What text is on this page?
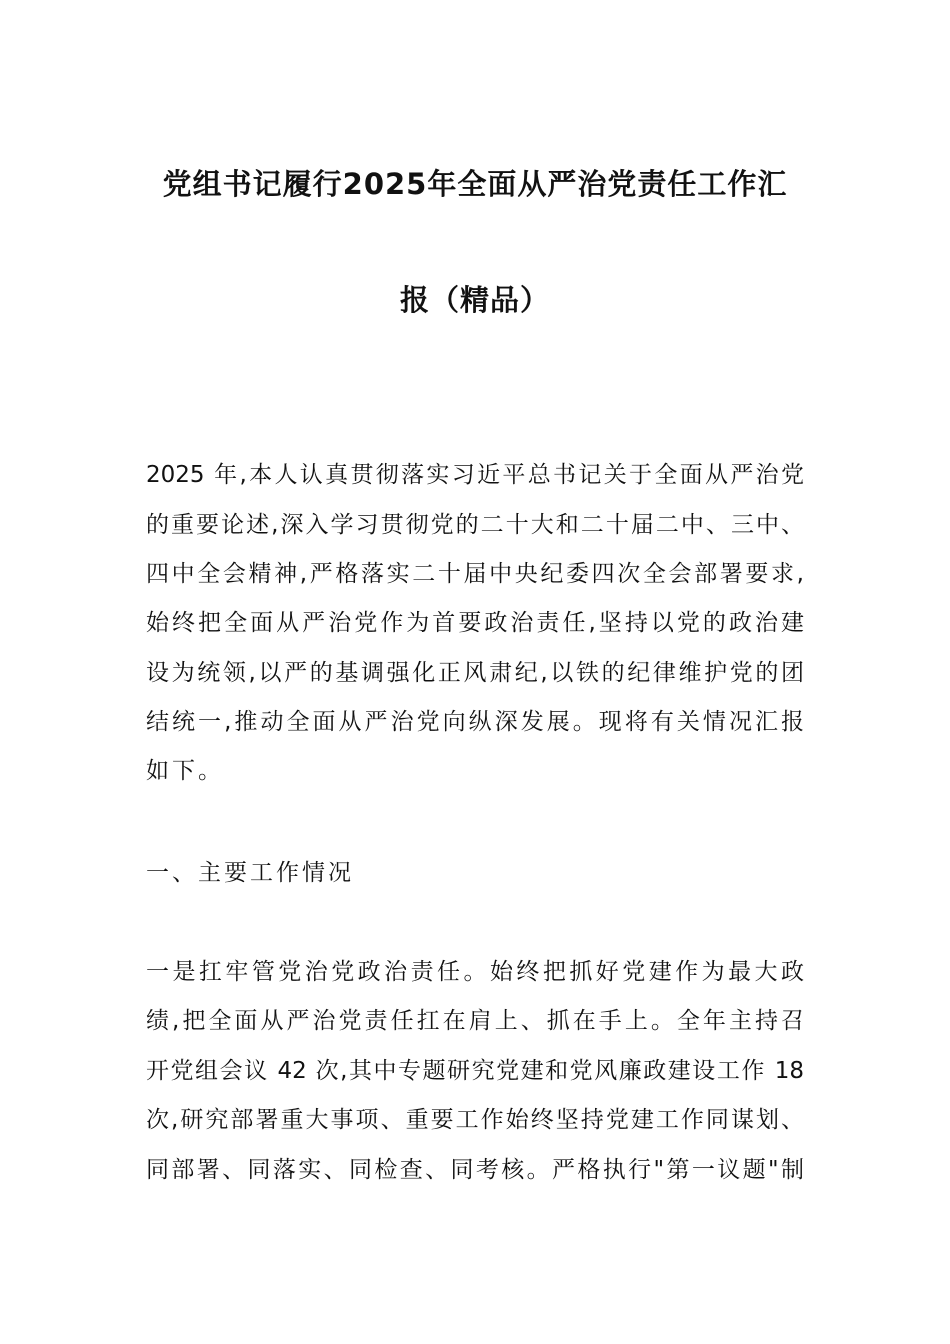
党组书记履行2025年全面从严治党责任工作汇
报（精品）
2025 年,本人认真贯彻落实习近平总书记关于全面从严治党
的重要论述,深入学习贯彻党的二十大和二十届二中、三中、
四中全会精神,严格落实二十届中央纪委四次全会部署要求,
始终把全面从严治党作为首要政治责任,坚持以党的政治建
设为统领,以严的基调强化正风肃纪,以铁的纪律维护党的团
结统一,推动全面从严治党向纵深发展。现将有关情况汇报
如下。
一、主要工作情况
一是扛牢管党治党政治责任。始终把抓好党建作为最大政
绩,把全面从严治党责任扛在肩上、抓在手上。全年主持召
开党组会议 42 次,其中专题研究党建和党风廉政建设工作 18
次,研究部署重大事项、重要工作始终坚持党建工作同谋划、
同部署、同落实、同检查、同考核。严格执行"第一议题"制
